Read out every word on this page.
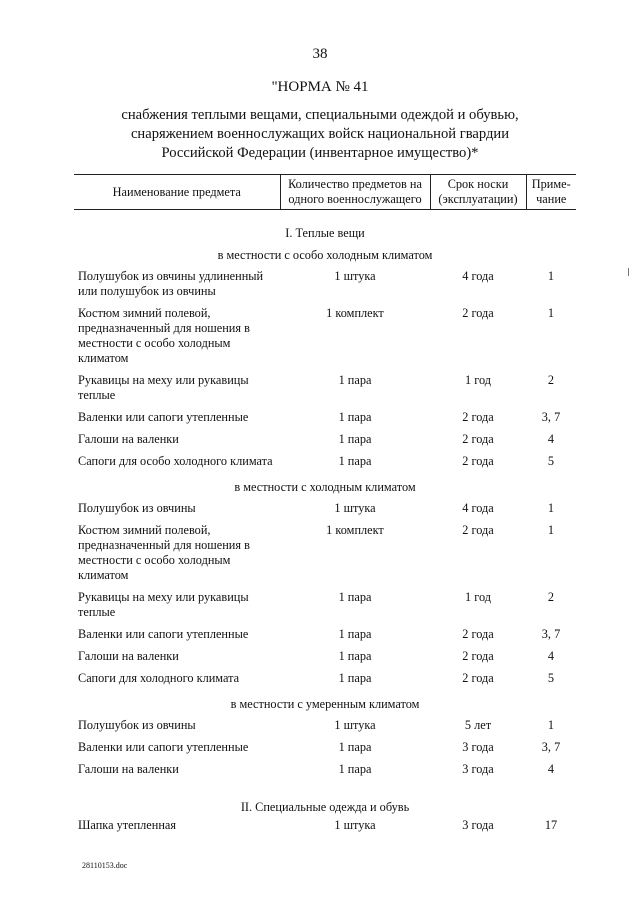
38
"НОРМА № 41
снабжения теплыми вещами, специальными одеждой и обувью,
снаряжением военнослужащих войск национальной гвардии
Российской Федерации (инвентарное имущество)*
Наименование предмета	Количество предметов на одного военнослужащего	Срок носки (эксплуатации)	Приме-чание
I. Теплые вещи			
в местности с особо холодным климатом			
Полушубок из овчины удлиненный или полушубок из овчины	1 штука	4 года	1
Костюм зимний полевой, предназначенный для ношения в местности с особо холодным климатом	1 комплект	2 года	1
Рукавицы на меху или рукавицы теплые	1 пара	1 год	2
Валенки или сапоги утепленные	1 пара	2 года	3, 7
Галоши на валенки	1 пара	2 года	4
Сапоги для особо холодного климата	1 пара	2 года	5
в местности с холодным климатом			
Полушубок из овчины	1 штука	4 года	1
Костюм зимний полевой, предназначенный для ношения в местности с особо холодным климатом	1 комплект	2 года	1
Рукавицы на меху или рукавицы теплые	1 пара	1 год	2
Валенки или сапоги утепленные	1 пара	2 года	3, 7
Галоши на валенки	1 пара	2 года	4
Сапоги для холодного климата	1 пара	2 года	5
в местности с умеренным климатом			
Полушубок из овчины	1 штука	5 лет	1
Валенки или сапоги утепленные	1 пара	3 года	3, 7
Галоши на валенки	1 пара	3 года	4
II. Специальные одежда и обувь			
Шапка утепленная	1 штука	3 года	17
28110153.doc
